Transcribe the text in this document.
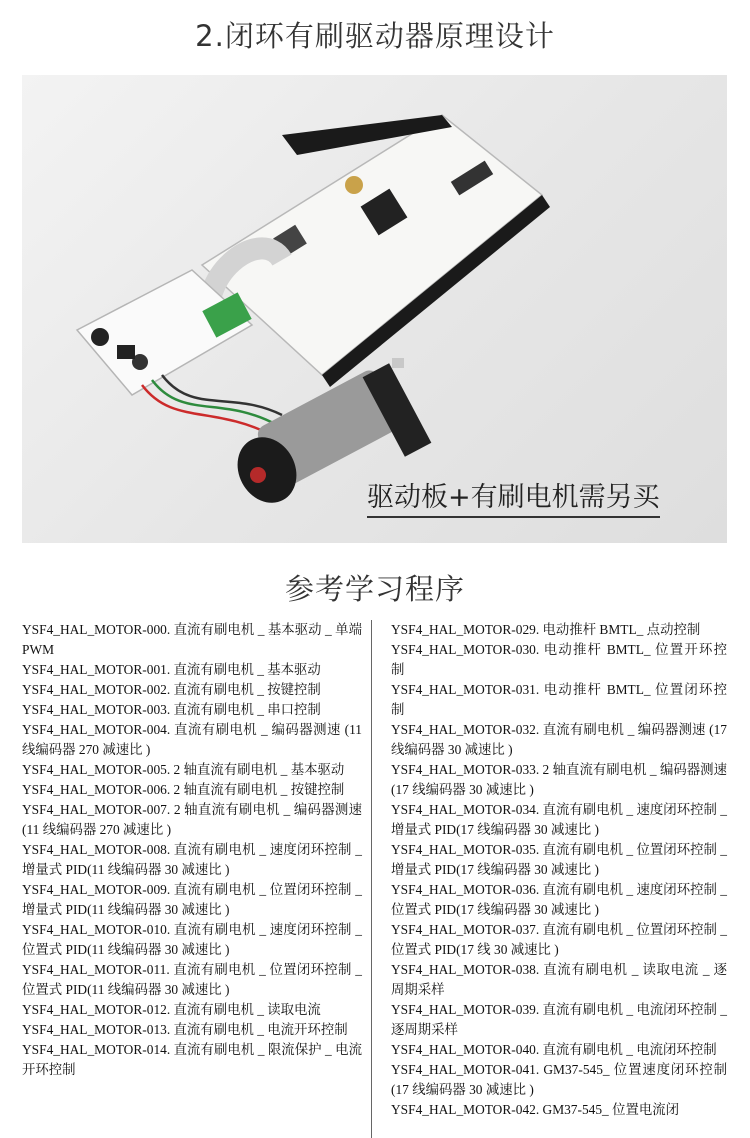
2.闭环有刷驱动器原理设计
驱动板+有刷电机需另买
参考学习程序

YSF4_HAL_MOTOR-000. 直流有刷电机 _ 基本驱动 _ 单端 PWM

YSF4_HAL_MOTOR-001. 直流有刷电机 _ 基本驱动

YSF4_HAL_MOTOR-002. 直流有刷电机 _ 按键控制

YSF4_HAL_MOTOR-003. 直流有刷电机 _ 串口控制

YSF4_HAL_MOTOR-004. 直流有刷电机 _ 编码器测速 (11 线编码器 270 减速比 )

YSF4_HAL_MOTOR-005. 2 轴直流有刷电机 _ 基本驱动

YSF4_HAL_MOTOR-006. 2 轴直流有刷电机 _ 按键控制

YSF4_HAL_MOTOR-007. 2 轴直流有刷电机 _ 编码器测速 (11 线编码器 270 减速比 )

YSF4_HAL_MOTOR-008. 直流有刷电机 _ 速度闭环控制 _ 增量式 PID(11 线编码器 30 减速比 )

YSF4_HAL_MOTOR-009. 直流有刷电机 _ 位置闭环控制 _ 增量式 PID(11 线编码器 30 减速比 )

YSF4_HAL_MOTOR-010. 直流有刷电机 _ 速度闭环控制 _ 位置式 PID(11 线编码器 30 减速比 )

YSF4_HAL_MOTOR-011. 直流有刷电机 _ 位置闭环控制 _ 位置式 PID(11 线编码器 30 减速比 )

YSF4_HAL_MOTOR-012. 直流有刷电机 _ 读取电流

YSF4_HAL_MOTOR-013. 直流有刷电机 _ 电流开环控制

YSF4_HAL_MOTOR-014. 直流有刷电机 _ 限流保护 _ 电流开环控制

YSF4_HAL_MOTOR-029. 电动推杆 BMTL_ 点动控制

YSF4_HAL_MOTOR-030. 电动推杆 BMTL_ 位置开环控制

YSF4_HAL_MOTOR-031. 电动推杆 BMTL_ 位置闭环控制

YSF4_HAL_MOTOR-032. 直流有刷电机 _ 编码器测速 (17 线编码器 30 减速比 )

YSF4_HAL_MOTOR-033. 2 轴直流有刷电机 _ 编码器测速 (17 线编码器 30 减速比 )

YSF4_HAL_MOTOR-034. 直流有刷电机 _ 速度闭环控制 _ 增量式 PID(17 线编码器 30 减速比 )

YSF4_HAL_MOTOR-035. 直流有刷电机 _ 位置闭环控制 _ 增量式 PID(17 线编码器 30 减速比 )

YSF4_HAL_MOTOR-036. 直流有刷电机 _ 速度闭环控制 _ 位置式 PID(17 线编码器 30 减速比 )

YSF4_HAL_MOTOR-037. 直流有刷电机 _ 位置闭环控制 _ 位置式 PID(17 线 30 减速比 )

YSF4_HAL_MOTOR-038. 直流有刷电机 _ 读取电流 _ 逐周期采样

YSF4_HAL_MOTOR-039. 直流有刷电机 _ 电流闭环控制 _ 逐周期采样

YSF4_HAL_MOTOR-040. 直流有刷电机 _ 电流闭环控制

YSF4_HAL_MOTOR-041. GM37-545_ 位置速度闭环控制 (17 线编码器 30 减速比 )

YSF4_HAL_MOTOR-042. GM37-545_ 位置电流闭
